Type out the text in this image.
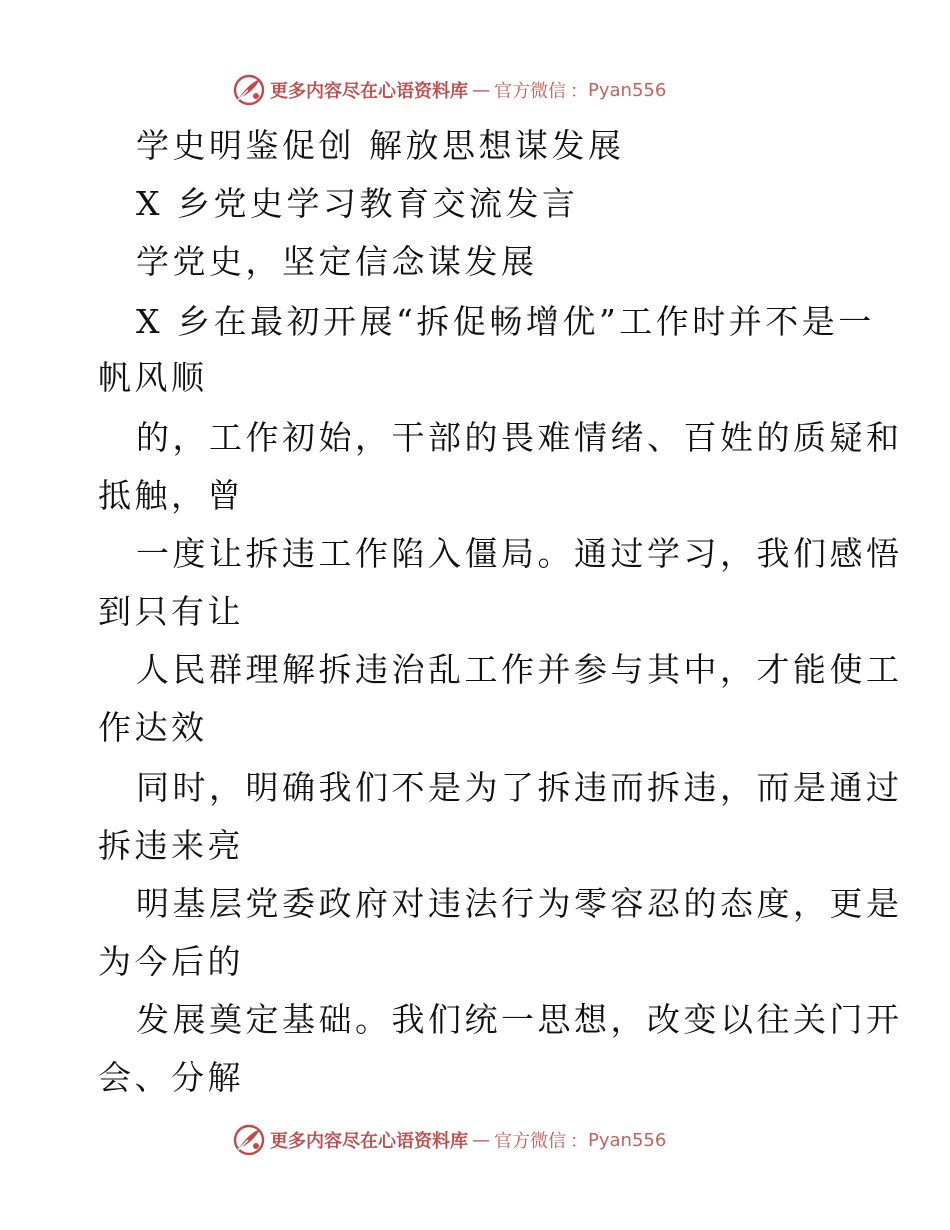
更多内容尽在心语资料库 — 官方微信 ： Pyan556
学史明鉴促创 解放思想谋发展
X 乡党史学习教育交流发言
学党史，坚定信念谋发展
X 乡在最初开展“拆促畅增优”工作时并不是一
帆风顺
的，工作初始，干部的畏难情绪、百姓的质疑和
抵触，曾
一度让拆违工作陷入僵局。通过学习，我们感悟
到只有让
人民群理解拆违治乱工作并参与其中，才能使工
作达效
同时，明确我们不是为了拆违而拆违，而是通过
拆违来亮
明基层党委政府对违法行为零容忍的态度，更是
为今后的
发展奠定基础。我们统一思想，改变以往关门开
会、分解
更多内容尽在心语资料库 — 官方微信 ： Pyan556
